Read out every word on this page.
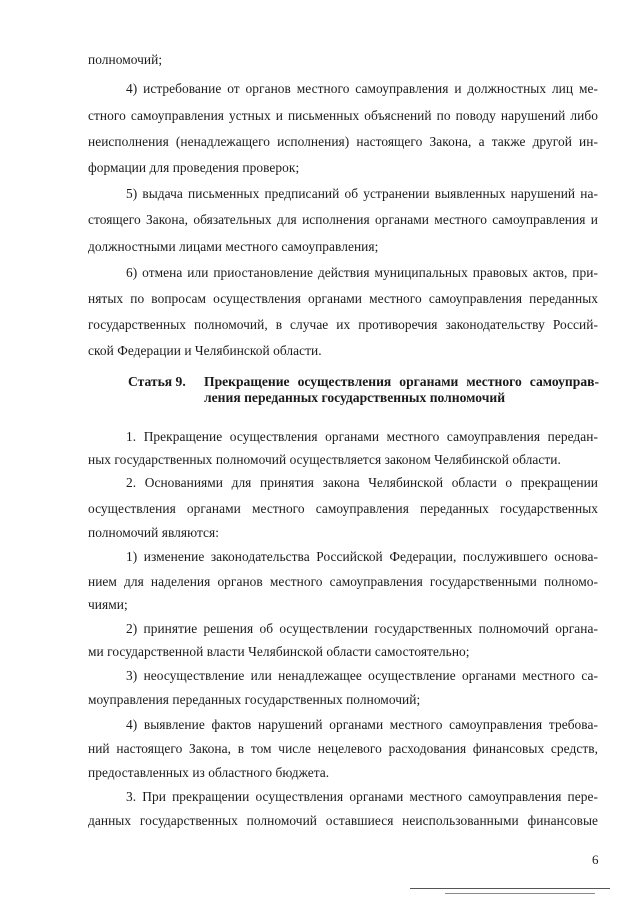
полномочий;
4) истребование от органов местного самоуправления и должностных лиц ме-
стного самоуправления устных и письменных объяснений по поводу нарушений либо
неисполнения (ненадлежащего исполнения) настоящего Закона, а также другой ин-
формации для проведения проверок;
5) выдача письменных предписаний об устранении выявленных нарушений на-
стоящего Закона, обязательных для исполнения органами местного самоуправления и
должностными лицами местного самоуправления;
6) отмена или приостановление действия муниципальных правовых актов, при-
нятых по вопросам осуществления органами местного самоуправления переданных
государственных полномочий, в случае их противоречия законодательству Россий-
ской Федерации и Челябинской области.
Статья 9. Прекращение осуществления органами местного самоуправ-
ления переданных государственных полномочий
1. Прекращение осуществления органами местного самоуправления передан-
ных государственных полномочий осуществляется законом Челябинской области.
2. Основаниями для принятия закона Челябинской области о прекращении
осуществления органами местного самоуправления переданных государственных
полномочий являются:
1) изменение законодательства Российской Федерации, послужившего основа-
нием для наделения органов местного самоуправления государственными полномо-
чиями;
2) принятие решения об осуществлении государственных полномочий органа-
ми государственной власти Челябинской области самостоятельно;
3) неосуществление или ненадлежащее осуществление органами местного са-
моуправления переданных государственных полномочий;
4) выявление фактов нарушений органами местного самоуправления требова-
ний настоящего Закона, в том числе нецелевого расходования финансовых средств,
предоставленных из областного бюджета.
3. При прекращении осуществления органами местного самоуправления пере-
данных государственных полномочий оставшиеся неиспользованными финансовые
6
